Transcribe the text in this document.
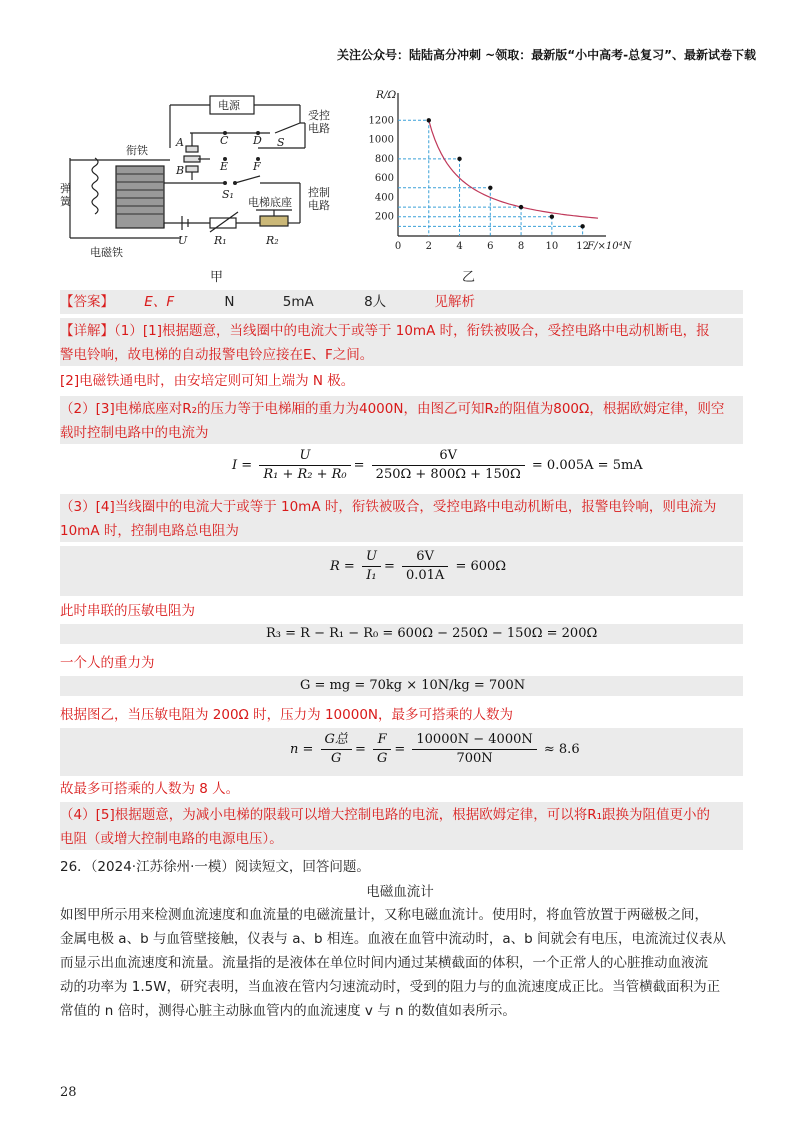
关注公众号：陆陆高分冲刺 ~领取：最新版“小中高考-总复习”、最新试卷下载
电源
衔铁
弹
簧
电磁铁
受控
电路
控制
电路
电梯底座
A
B
C D
E F
S
S₁
U R₁	R₂
甲
0 2 4 6 8 10 12
200
400
600
800
1000
1200
R/Ω
F/×10⁴N
乙
【答案】 E、F	N	5mA	8人	见解析
【详解】（1）[1]根据题意，当线圈中的电流大于或等于 10mA 时，衔铁被吸合，受控电路中电动机断电，报
警电铃响，故电梯的自动报警电铃应接在E、F之间。
[2]电磁铁通电时，由安培定则可知上端为 N 极。
（2）[3]电梯底座对R₂的压力等于电梯厢的重力为4000N，由图乙可知R₂的阻值为800Ω，根据欧姆定律，则空
载时控制电路中的电流为
$I = \frac{U}{\text{R₁ + R₂ + R₀}} = \frac{6V}{250\Omega + 800\Omega + 150\Omega} = 0.005A = 5mA$
（3）[4]当线圈中的电流大于或等于 10mA 时，衔铁被吸合，受控电路中电动机断电，报警电铃响，则电流为
10mA 时，控制电路总电阻为
$R = \frac{U}{\text{I₁}} = \frac{6V}{0.01A} = 600\Omega$
此时串联的压敏电阻为
R₃ = R − R₁ − R₀ = 600Ω − 250Ω − 150Ω = 200Ω
一个人的重力为
G = mg = 70kg × 10N/kg = 700N
根据图乙，当压敏电阻为 200Ω 时，压力为 10000N，最多可搭乘的人数为
$n = \frac{\text{G总}}{G} = \frac{F}{G} = \frac{10000N - 4000N}{700N} \approx 8.6$
故最多可搭乘的人数为 8 人。
（4）[5]根据题意，为减小电梯的限载可以增大控制电路的电流，根据欧姆定律，可以将R₁跟换为阻值更小的
电阻（或增大控制电路的电源电压）。
26．（2024·江苏徐州·一模）阅读短文，回答问题。
电磁血流计
如图甲所示用来检测血流速度和血流量的电磁流量计，又称电磁血流计。使用时，将血管放置于两磁极之间，
金属电极 a、b 与血管壁接触，仪表与 a、b 相连。血液在血管中流动时，a、b 间就会有电压，电流流过仪表从
而显示出血流速度和流量。流量指的是液体在单位时间内通过某横截面的体积，一个正常人的心脏推动血液流
动的功率为 1.5W，研究表明，当血液在管内匀速流动时，受到的阻力与的血流速度成正比。当管横截面积为正
常值的 n 倍时，测得心脏主动脉血管内的血流速度 v 与 n 的数值如表所示。
28
